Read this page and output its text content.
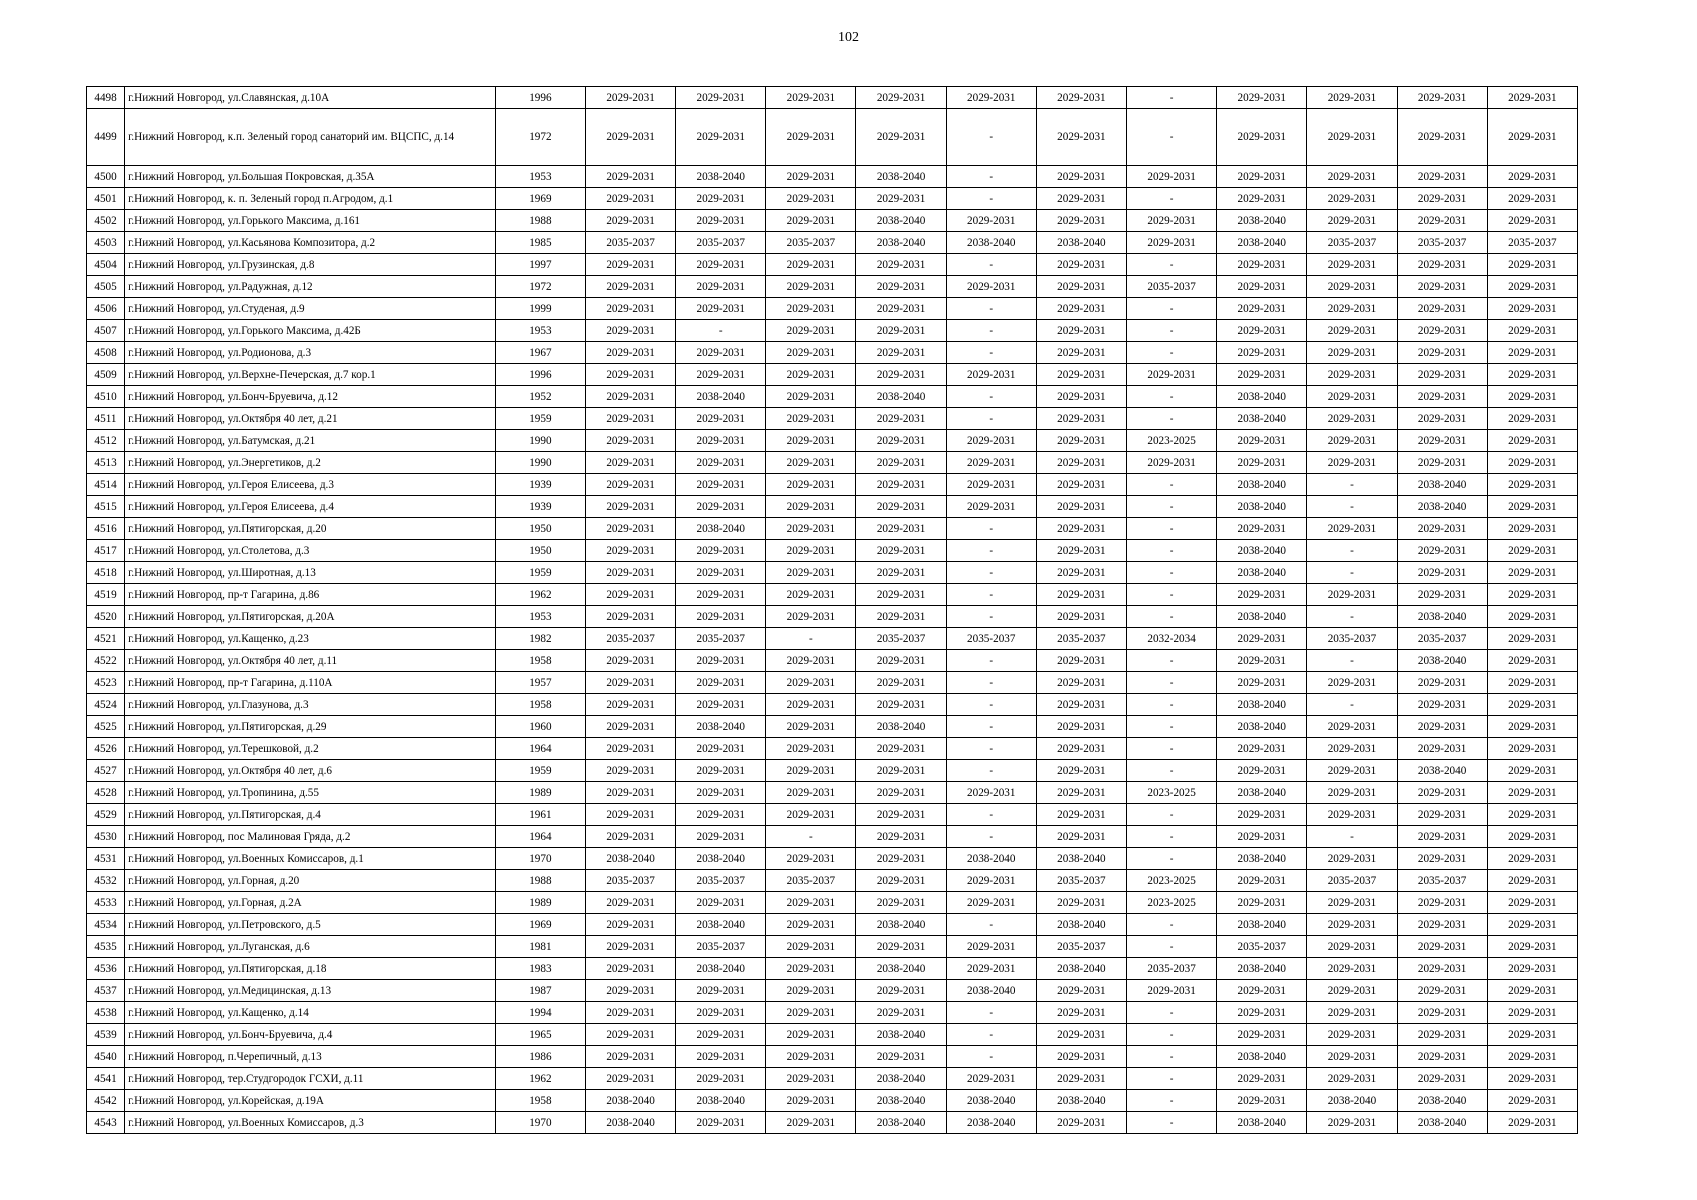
102
4498	г.Нижний Новгород, ул.Славянская, д.10А	1996	2029-2031	2029-2031	2029-2031	2029-2031	2029-2031	2029-2031	-	2029-2031	2029-2031	2029-2031	2029-2031
4499	г.Нижний Новгород, к.п. Зеленый город санаторий им. ВЦСПС, д.14	1972	2029-2031	2029-2031	2029-2031	2029-2031	-	2029-2031	-	2029-2031	2029-2031	2029-2031	2029-2031
4500	г.Нижний Новгород, ул.Большая Покровская, д.35А	1953	2029-2031	2038-2040	2029-2031	2038-2040	-	2029-2031	2029-2031	2029-2031	2029-2031	2029-2031	2029-2031
4501	г.Нижний Новгород, к. п. Зеленый город п.Агродом, д.1	1969	2029-2031	2029-2031	2029-2031	2029-2031	-	2029-2031	-	2029-2031	2029-2031	2029-2031	2029-2031
4502	г.Нижний Новгород, ул.Горького Максима, д.161	1988	2029-2031	2029-2031	2029-2031	2038-2040	2029-2031	2029-2031	2029-2031	2038-2040	2029-2031	2029-2031	2029-2031
4503	г.Нижний Новгород, ул.Касьянова Композитора, д.2	1985	2035-2037	2035-2037	2035-2037	2038-2040	2038-2040	2038-2040	2029-2031	2038-2040	2035-2037	2035-2037	2035-2037
4504	г.Нижний Новгород, ул.Грузинская, д.8	1997	2029-2031	2029-2031	2029-2031	2029-2031	-	2029-2031	-	2029-2031	2029-2031	2029-2031	2029-2031
4505	г.Нижний Новгород, ул.Радужная, д.12	1972	2029-2031	2029-2031	2029-2031	2029-2031	2029-2031	2029-2031	2035-2037	2029-2031	2029-2031	2029-2031	2029-2031
4506	г.Нижний Новгород, ул.Студеная, д.9	1999	2029-2031	2029-2031	2029-2031	2029-2031	-	2029-2031	-	2029-2031	2029-2031	2029-2031	2029-2031
4507	г.Нижний Новгород, ул.Горького Максима, д.42Б	1953	2029-2031	-	2029-2031	2029-2031	-	2029-2031	-	2029-2031	2029-2031	2029-2031	2029-2031
4508	г.Нижний Новгород, ул.Родионова, д.3	1967	2029-2031	2029-2031	2029-2031	2029-2031	-	2029-2031	-	2029-2031	2029-2031	2029-2031	2029-2031
4509	г.Нижний Новгород, ул.Верхне-Печерская, д.7 кор.1	1996	2029-2031	2029-2031	2029-2031	2029-2031	2029-2031	2029-2031	2029-2031	2029-2031	2029-2031	2029-2031	2029-2031
4510	г.Нижний Новгород, ул.Бонч-Бруевича, д.12	1952	2029-2031	2038-2040	2029-2031	2038-2040	-	2029-2031	-	2038-2040	2029-2031	2029-2031	2029-2031
4511	г.Нижний Новгород, ул.Октября 40 лет, д.21	1959	2029-2031	2029-2031	2029-2031	2029-2031	-	2029-2031	-	2038-2040	2029-2031	2029-2031	2029-2031
4512	г.Нижний Новгород, ул.Батумская, д.21	1990	2029-2031	2029-2031	2029-2031	2029-2031	2029-2031	2029-2031	2023-2025	2029-2031	2029-2031	2029-2031	2029-2031
4513	г.Нижний Новгород, ул.Энергетиков, д.2	1990	2029-2031	2029-2031	2029-2031	2029-2031	2029-2031	2029-2031	2029-2031	2029-2031	2029-2031	2029-2031	2029-2031
4514	г.Нижний Новгород, ул.Героя Елисеева, д.3	1939	2029-2031	2029-2031	2029-2031	2029-2031	2029-2031	2029-2031	-	2038-2040	-	2038-2040	2029-2031
4515	г.Нижний Новгород, ул.Героя Елисеева, д.4	1939	2029-2031	2029-2031	2029-2031	2029-2031	2029-2031	2029-2031	-	2038-2040	-	2038-2040	2029-2031
4516	г.Нижний Новгород, ул.Пятигорская, д.20	1950	2029-2031	2038-2040	2029-2031	2029-2031	-	2029-2031	-	2029-2031	2029-2031	2029-2031	2029-2031
4517	г.Нижний Новгород, ул.Столетова, д.3	1950	2029-2031	2029-2031	2029-2031	2029-2031	-	2029-2031	-	2038-2040	-	2029-2031	2029-2031
4518	г.Нижний Новгород, ул.Широтная, д.13	1959	2029-2031	2029-2031	2029-2031	2029-2031	-	2029-2031	-	2038-2040	-	2029-2031	2029-2031
4519	г.Нижний Новгород, пр-т Гагарина, д.86	1962	2029-2031	2029-2031	2029-2031	2029-2031	-	2029-2031	-	2029-2031	2029-2031	2029-2031	2029-2031
4520	г.Нижний Новгород, ул.Пятигорская, д.20А	1953	2029-2031	2029-2031	2029-2031	2029-2031	-	2029-2031	-	2038-2040	-	2038-2040	2029-2031
4521	г.Нижний Новгород, ул.Кащенко, д.23	1982	2035-2037	2035-2037	-	2035-2037	2035-2037	2035-2037	2032-2034	2029-2031	2035-2037	2035-2037	2029-2031
4522	г.Нижний Новгород, ул.Октября 40 лет, д.11	1958	2029-2031	2029-2031	2029-2031	2029-2031	-	2029-2031	-	2029-2031	-	2038-2040	2029-2031
4523	г.Нижний Новгород, пр-т Гагарина, д.110А	1957	2029-2031	2029-2031	2029-2031	2029-2031	-	2029-2031	-	2029-2031	2029-2031	2029-2031	2029-2031
4524	г.Нижний Новгород, ул.Глазунова, д.3	1958	2029-2031	2029-2031	2029-2031	2029-2031	-	2029-2031	-	2038-2040	-	2029-2031	2029-2031
4525	г.Нижний Новгород, ул.Пятигорская, д.29	1960	2029-2031	2038-2040	2029-2031	2038-2040	-	2029-2031	-	2038-2040	2029-2031	2029-2031	2029-2031
4526	г.Нижний Новгород, ул.Терешковой, д.2	1964	2029-2031	2029-2031	2029-2031	2029-2031	-	2029-2031	-	2029-2031	2029-2031	2029-2031	2029-2031
4527	г.Нижний Новгород, ул.Октября 40 лет, д.6	1959	2029-2031	2029-2031	2029-2031	2029-2031	-	2029-2031	-	2029-2031	2029-2031	2038-2040	2029-2031
4528	г.Нижний Новгород, ул.Тропинина, д.55	1989	2029-2031	2029-2031	2029-2031	2029-2031	2029-2031	2029-2031	2023-2025	2038-2040	2029-2031	2029-2031	2029-2031
4529	г.Нижний Новгород, ул.Пятигорская, д.4	1961	2029-2031	2029-2031	2029-2031	2029-2031	-	2029-2031	-	2029-2031	2029-2031	2029-2031	2029-2031
4530	г.Нижний Новгород, пос Малиновая Гряда, д.2	1964	2029-2031	2029-2031	-	2029-2031	-	2029-2031	-	2029-2031	-	2029-2031	2029-2031
4531	г.Нижний Новгород, ул.Военных Комиссаров, д.1	1970	2038-2040	2038-2040	2029-2031	2029-2031	2038-2040	2038-2040	-	2038-2040	2029-2031	2029-2031	2029-2031
4532	г.Нижний Новгород, ул.Горная, д.20	1988	2035-2037	2035-2037	2035-2037	2029-2031	2029-2031	2035-2037	2023-2025	2029-2031	2035-2037	2035-2037	2029-2031
4533	г.Нижний Новгород, ул.Горная, д.2А	1989	2029-2031	2029-2031	2029-2031	2029-2031	2029-2031	2029-2031	2023-2025	2029-2031	2029-2031	2029-2031	2029-2031
4534	г.Нижний Новгород, ул.Петровского, д.5	1969	2029-2031	2038-2040	2029-2031	2038-2040	-	2038-2040	-	2038-2040	2029-2031	2029-2031	2029-2031
4535	г.Нижний Новгород, ул.Луганская, д.6	1981	2029-2031	2035-2037	2029-2031	2029-2031	2029-2031	2035-2037	-	2035-2037	2029-2031	2029-2031	2029-2031
4536	г.Нижний Новгород, ул.Пятигорская, д.18	1983	2029-2031	2038-2040	2029-2031	2038-2040	2029-2031	2038-2040	2035-2037	2038-2040	2029-2031	2029-2031	2029-2031
4537	г.Нижний Новгород, ул.Медицинская, д.13	1987	2029-2031	2029-2031	2029-2031	2029-2031	2038-2040	2029-2031	2029-2031	2029-2031	2029-2031	2029-2031	2029-2031
4538	г.Нижний Новгород, ул.Кащенко, д.14	1994	2029-2031	2029-2031	2029-2031	2029-2031	-	2029-2031	-	2029-2031	2029-2031	2029-2031	2029-2031
4539	г.Нижний Новгород, ул.Бонч-Бруевича, д.4	1965	2029-2031	2029-2031	2029-2031	2038-2040	-	2029-2031	-	2029-2031	2029-2031	2029-2031	2029-2031
4540	г.Нижний Новгород, п.Черепичный, д.13	1986	2029-2031	2029-2031	2029-2031	2029-2031	-	2029-2031	-	2038-2040	2029-2031	2029-2031	2029-2031
4541	г.Нижний Новгород, тер.Студгородок ГСХИ, д.11	1962	2029-2031	2029-2031	2029-2031	2038-2040	2029-2031	2029-2031	-	2029-2031	2029-2031	2029-2031	2029-2031
4542	г.Нижний Новгород, ул.Корейская, д.19А	1958	2038-2040	2038-2040	2029-2031	2038-2040	2038-2040	2038-2040	-	2029-2031	2038-2040	2038-2040	2029-2031
4543	г.Нижний Новгород, ул.Военных Комиссаров, д.3	1970	2038-2040	2029-2031	2029-2031	2038-2040	2038-2040	2029-2031	-	2038-2040	2029-2031	2038-2040	2029-2031
